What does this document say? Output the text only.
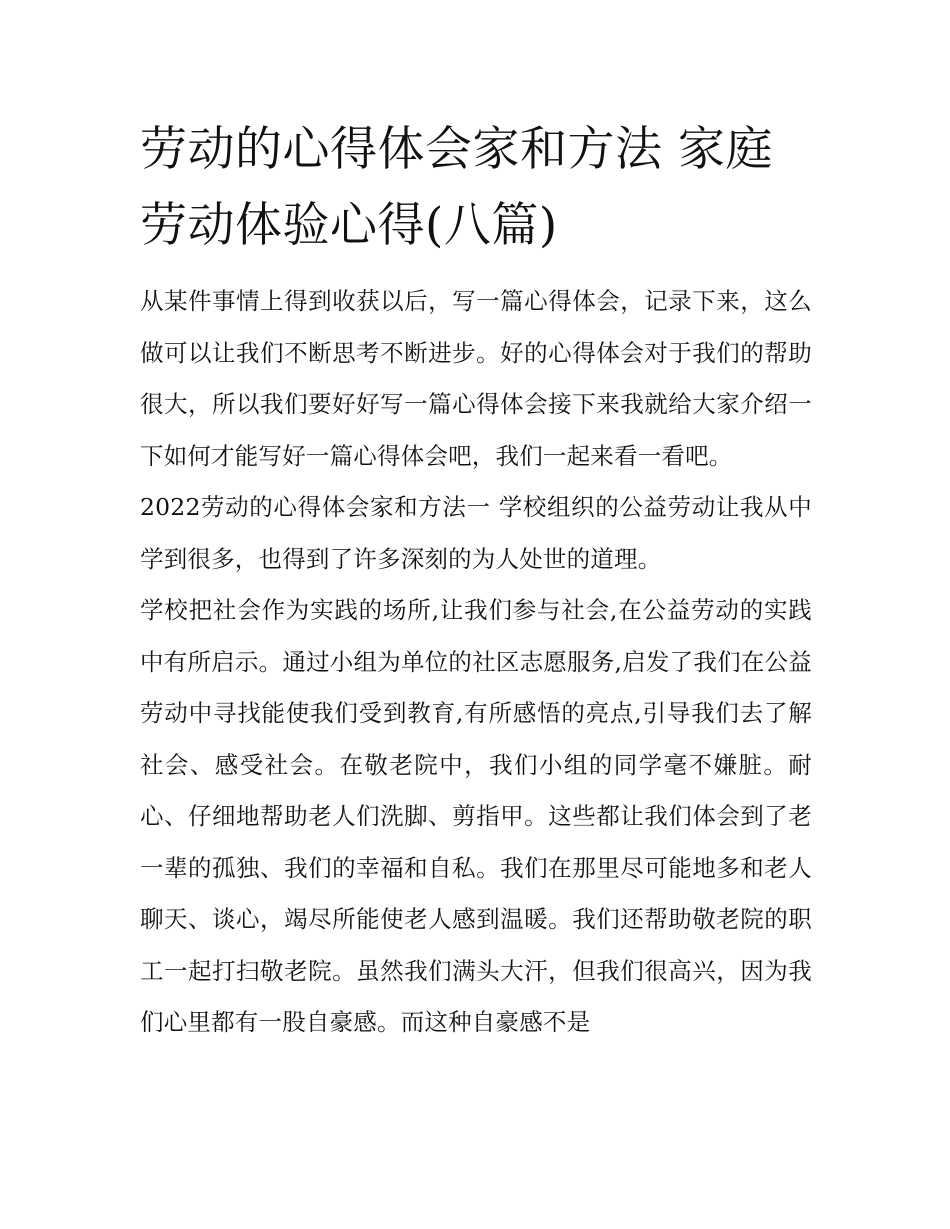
劳动的心得体会家和方法 家庭劳动体验心得(八篇)

从某件事情上得到收获以后，写一篇心得体会，记录下来，这么做可以让我们不断思考不断进步。好的心得体会对于我们的帮助很大，所以我们要好好写一篇心得体会接下来我就给大家介绍一下如何才能写好一篇心得体会吧，我们一起来看一看吧。

2022劳动的心得体会家和方法一 学校组织的公益劳动让我从中学到很多，也得到了许多深刻的为人处世的道理。

学校把社会作为实践的场所,让我们参与社会,在公益劳动的实践中有所启示。通过小组为单位的社区志愿服务,启发了我们在公益劳动中寻找能使我们受到教育,有所感悟的亮点,引导我们去了解社会、感受社会。在敬老院中，我们小组的同学毫不嫌脏。耐心、仔细地帮助老人们洗脚、剪指甲。这些都让我们体会到了老一辈的孤独、我们的幸福和自私。我们在那里尽可能地多和老人聊天、谈心，竭尽所能使老人感到温暖。我们还帮助敬老院的职工一起打扫敬老院。虽然我们满头大汗，但我们很高兴，因为我们心里都有一股自豪感。而这种自豪感不是
